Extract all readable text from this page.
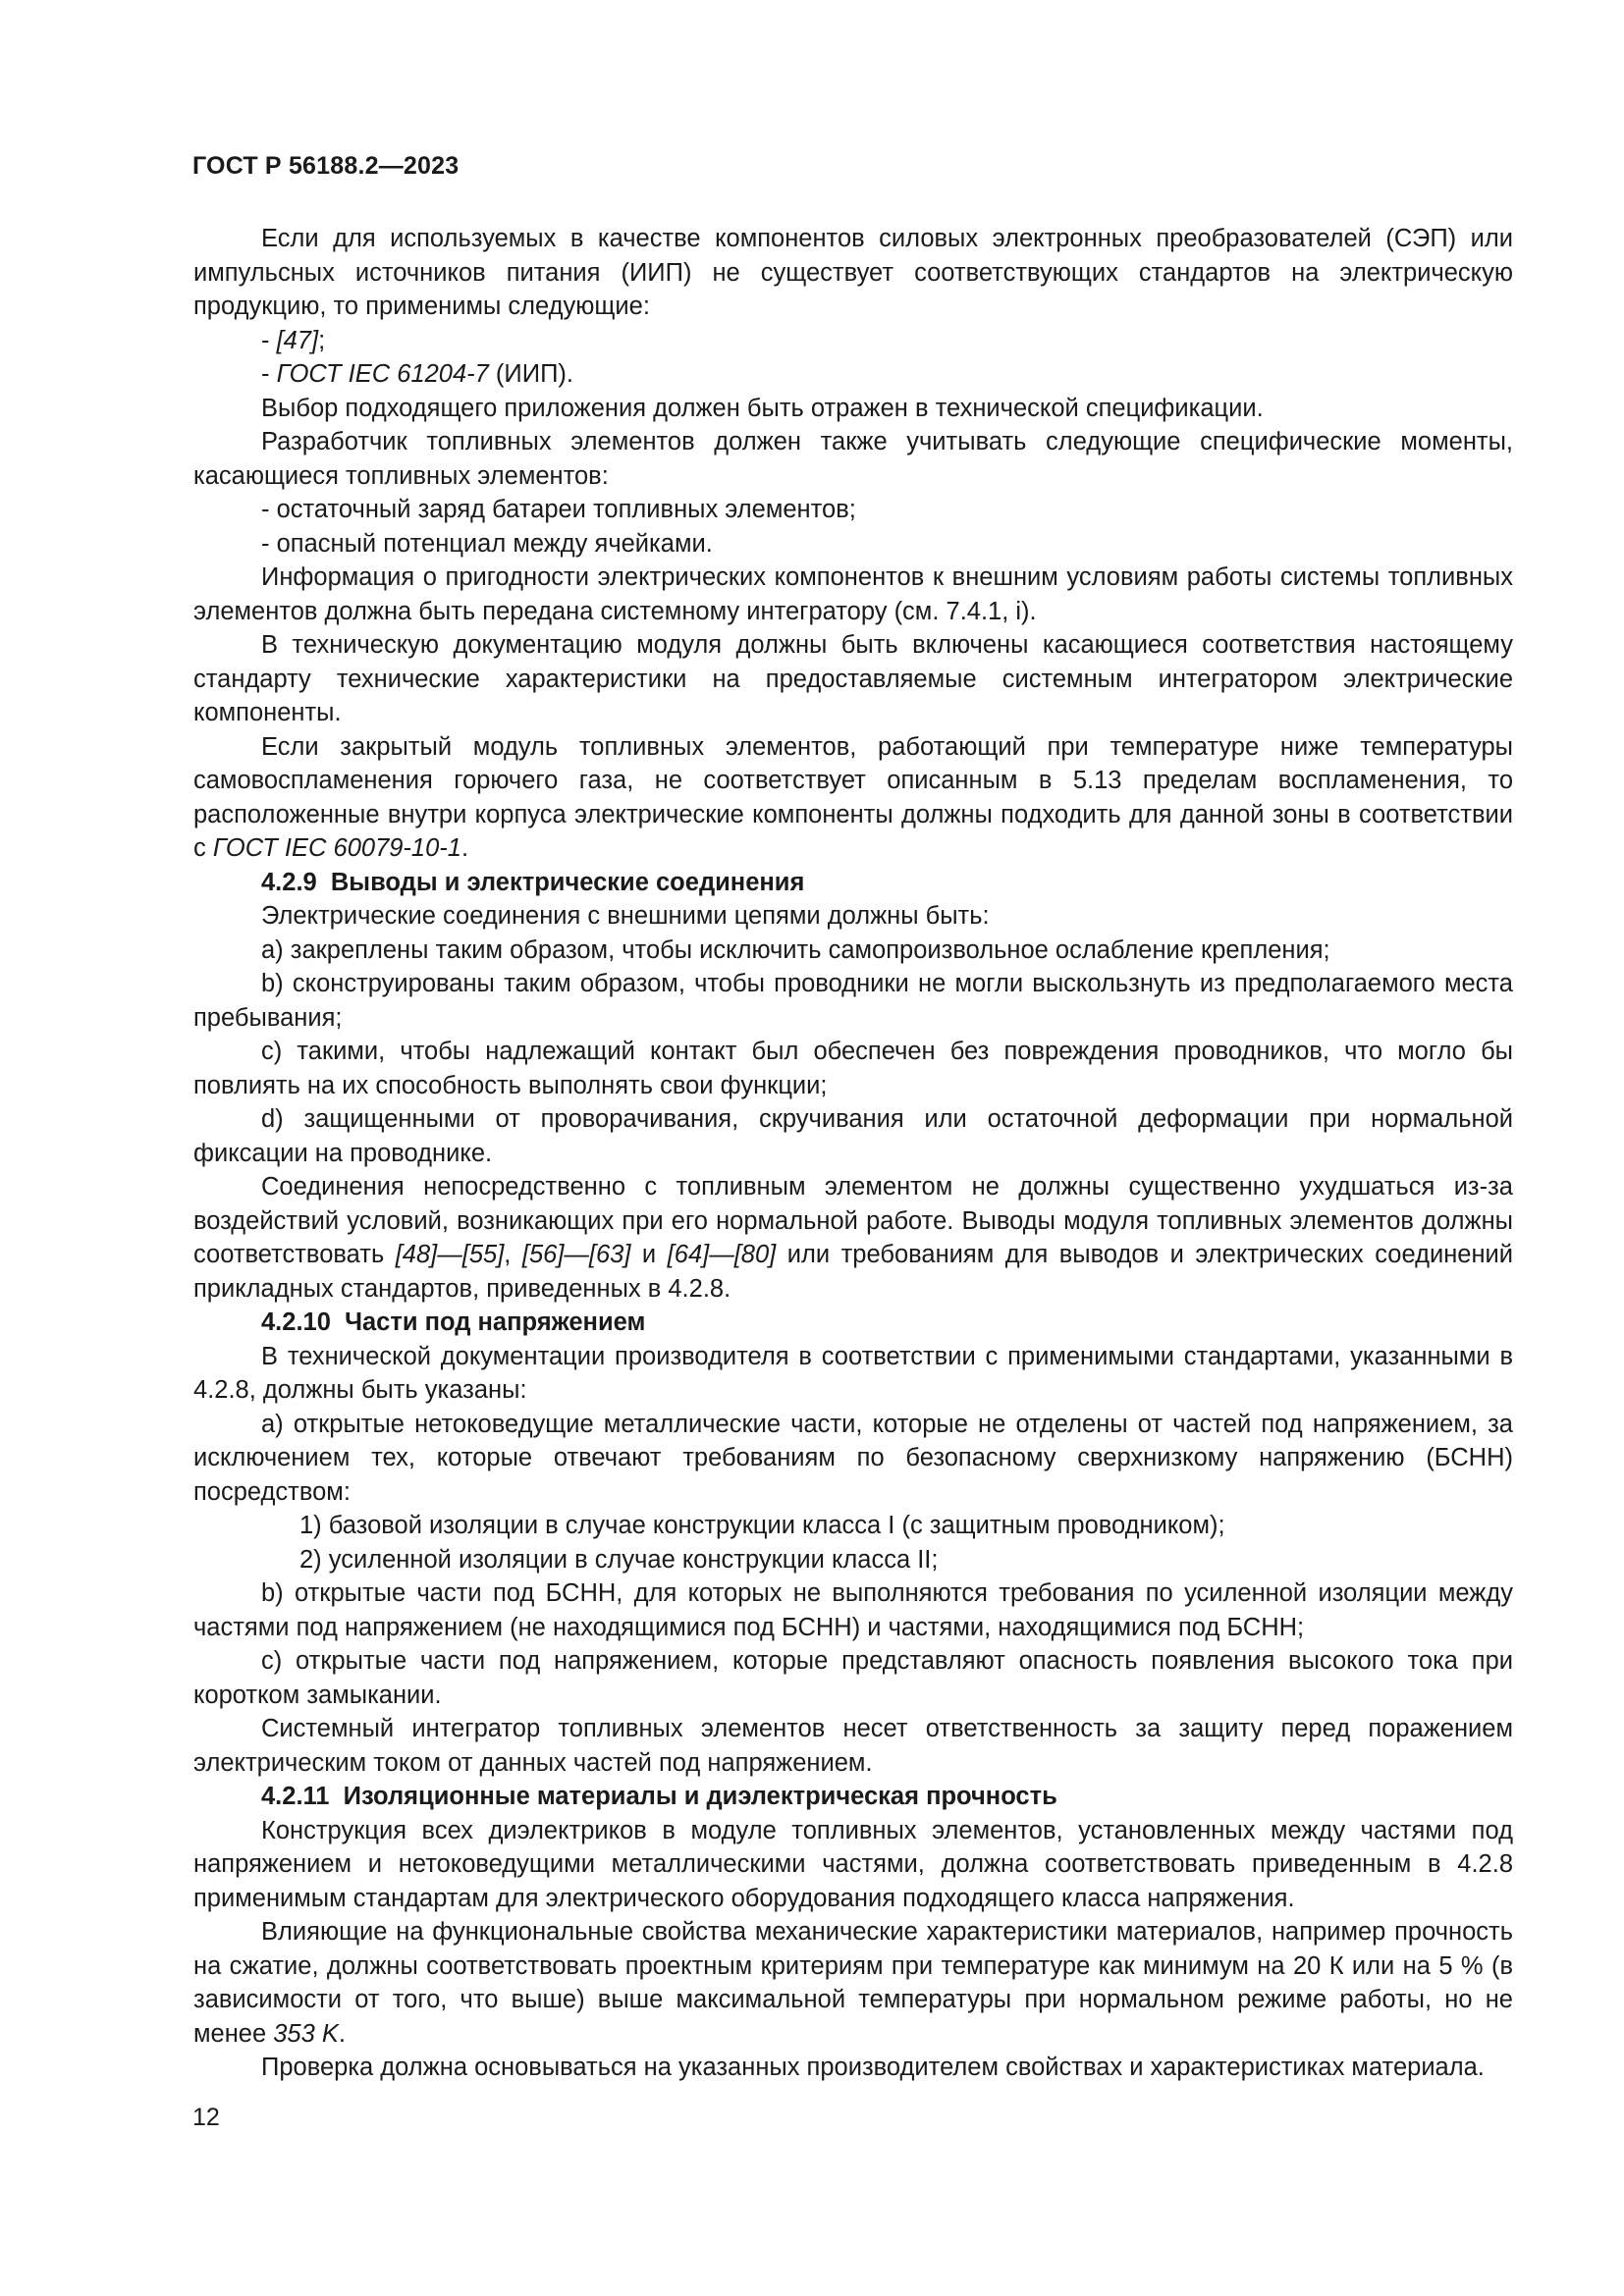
ГОСТ Р 56188.2—2023

Если для используемых в качестве компонентов силовых электронных преобразователей (СЭП) или импульсных источников питания (ИИП) не существует соответствующих стандартов на электрическую продукцию, то применимы следующие:

- [47];

- ГОСТ IEC 61204-7 (ИИП).

Выбор подходящего приложения должен быть отражен в технической спецификации.

Разработчик топливных элементов должен также учитывать следующие специфические моменты, касающиеся топливных элементов:

- остаточный заряд батареи топливных элементов;

- опасный потенциал между ячейками.

Информация о пригодности электрических компонентов к внешним условиям работы системы топливных элементов должна быть передана системному интегратору (см. 7.4.1, i).

В техническую документацию модуля должны быть включены касающиеся соответствия настоящему стандарту технические характеристики на предоставляемые системным интегратором электрические компоненты.

Если закрытый модуль топливных элементов, работающий при температуре ниже температуры самовоспламенения горючего газа, не соответствует описанным в 5.13 пределам воспламенения, то расположенные внутри корпуса электрические компоненты должны подходить для данной зоны в соответствии с ГОСТ IEC 60079-10-1.

4.2.9 Выводы и электрические соединения

Электрические соединения с внешними цепями должны быть:

а) закреплены таким образом, чтобы исключить самопроизвольное ослабление крепления;

b) сконструированы таким образом, чтобы проводники не могли выскользнуть из предполагаемого места пребывания;

c) такими, чтобы надлежащий контакт был обеспечен без повреждения проводников, что могло бы повлиять на их способность выполнять свои функции;

d) защищенными от проворачивания, скручивания или остаточной деформации при нормальной фиксации на проводнике.

Соединения непосредственно с топливным элементом не должны существенно ухудшаться из-за воздействий условий, возникающих при его нормальной работе. Выводы модуля топливных элементов должны соответствовать [48]—[55], [56]—[63] и [64]—[80] или требованиям для выводов и электрических соединений прикладных стандартов, приведенных в 4.2.8.

4.2.10 Части под напряжением

В технической документации производителя в соответствии с применимыми стандартами, указанными в 4.2.8, должны быть указаны:

а) открытые нетоковедущие металлические части, которые не отделены от частей под напряжением, за исключением тех, которые отвечают требованиям по безопасному сверхнизкому напряжению (БСНН) посредством:

1) базовой изоляции в случае конструкции класса I (с защитным проводником);

2) усиленной изоляции в случае конструкции класса II;

b) открытые части под БСНН, для которых не выполняются требования по усиленной изоляции между частями под напряжением (не находящимися под БСНН) и частями, находящимися под БСНН;

c) открытые части под напряжением, которые представляют опасность появления высокого тока при коротком замыкании.

Системный интегратор топливных элементов несет ответственность за защиту перед поражением электрическим током от данных частей под напряжением.

4.2.11 Изоляционные материалы и диэлектрическая прочность

Конструкция всех диэлектриков в модуле топливных элементов, установленных между частями под напряжением и нетоковедущими металлическими частями, должна соответствовать приведенным в 4.2.8 применимым стандартам для электрического оборудования подходящего класса напряжения.

Влияющие на функциональные свойства механические характеристики материалов, например прочность на сжатие, должны соответствовать проектным критериям при температуре как минимум на 20 К или на 5 % (в зависимости от того, что выше) выше максимальной температуры при нормальном режиме работы, но не менее 353 K.

Проверка должна основываться на указанных производителем свойствах и характеристиках материала.

12
